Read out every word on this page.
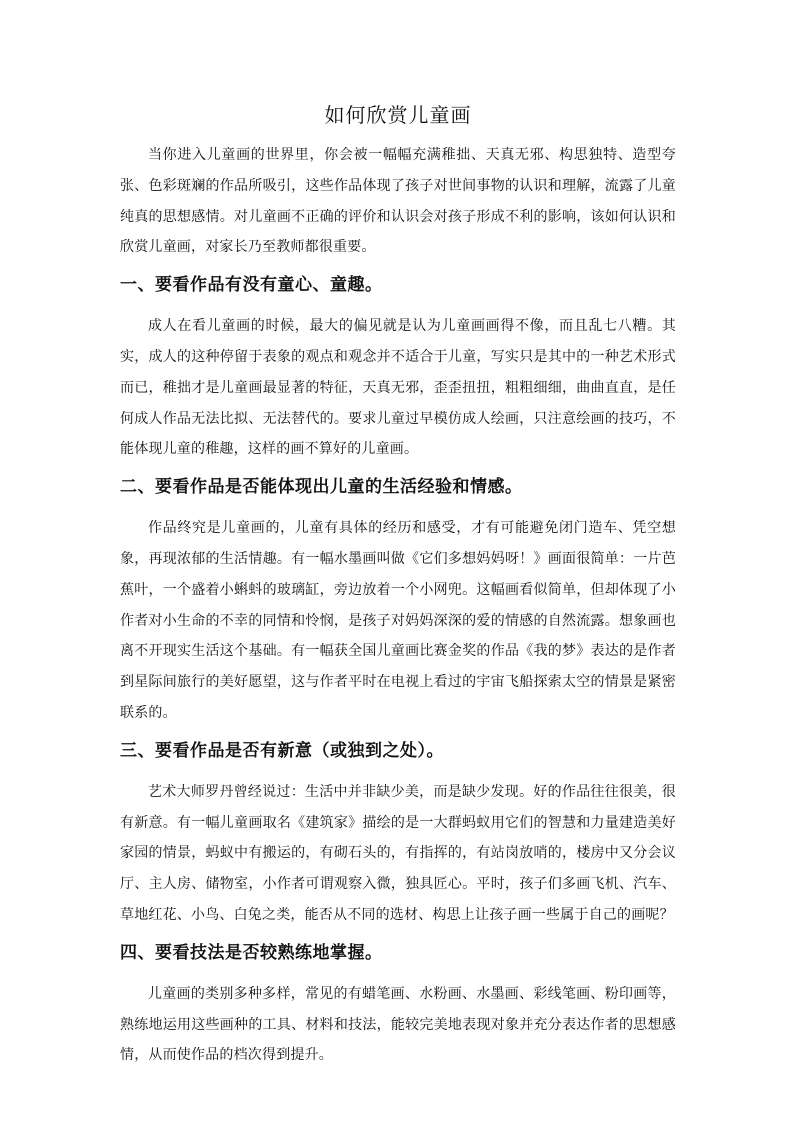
如何欣赏儿童画

当你进入儿童画的世界里，你会被一幅幅充满稚拙、天真无邪、构思独特、造型夸张、色彩斑斓的作品所吸引，这些作品体现了孩子对世间事物的认识和理解，流露了儿童纯真的思想感情。对儿童画不正确的评价和认识会对孩子形成不利的影响，该如何认识和欣赏儿童画，对家长乃至教师都很重要。

一、要看作品有没有童心、童趣。

成人在看儿童画的时候，最大的偏见就是认为儿童画画得不像，而且乱七八糟。其实，成人的这种停留于表象的观点和观念并不适合于儿童，写实只是其中的一种艺术形式而已，稚拙才是儿童画最显著的特征，天真无邪，歪歪扭扭，粗粗细细，曲曲直直，是任何成人作品无法比拟、无法替代的。要求儿童过早模仿成人绘画，只注意绘画的技巧，不能体现儿童的稚趣，这样的画不算好的儿童画。

二、要看作品是否能体现出儿童的生活经验和情感。

作品终究是儿童画的，儿童有具体的经历和感受，才有可能避免闭门造车、凭空想象，再现浓郁的生活情趣。有一幅水墨画叫做《它们多想妈妈呀！》画面很简单：一片芭蕉叶，一个盛着小蝌蚪的玻璃缸，旁边放着一个小网兜。这幅画看似简单，但却体现了小作者对小生命的不幸的同情和怜悯，是孩子对妈妈深深的爱的情感的自然流露。想象画也离不开现实生活这个基础。有一幅获全国儿童画比赛金奖的作品《我的梦》表达的是作者到星际间旅行的美好愿望，这与作者平时在电视上看过的宇宙飞船探索太空的情景是紧密联系的。

三、要看作品是否有新意（或独到之处）。

艺术大师罗丹曾经说过：生活中并非缺少美，而是缺少发现。好的作品往往很美，很有新意。有一幅儿童画取名《建筑家》描绘的是一大群蚂蚁用它们的智慧和力量建造美好家园的情景，蚂蚁中有搬运的，有砌石头的，有指挥的，有站岗放哨的，楼房中又分会议厅、主人房、储物室，小作者可谓观察入微，独具匠心。平时，孩子们多画飞机、汽车、草地红花、小鸟、白兔之类，能否从不同的选材、构思上让孩子画一些属于自己的画呢？

四、要看技法是否较熟练地掌握。

儿童画的类别多种多样，常见的有蜡笔画、水粉画、水墨画、彩线笔画、粉印画等，熟练地运用这些画种的工具、材料和技法，能较完美地表现对象并充分表达作者的思想感情，从而使作品的档次得到提升。
